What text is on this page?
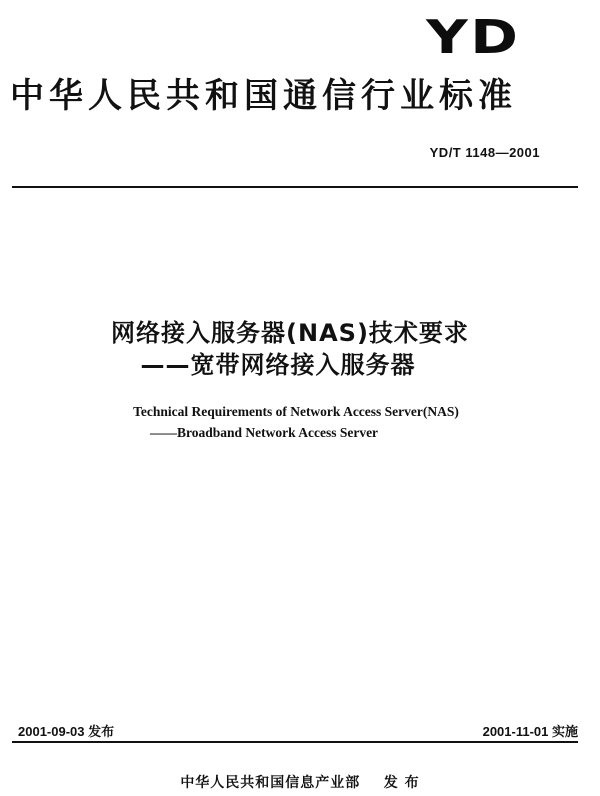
YD
中华人民共和国通信行业标准
YD/T 1148—2001
网络接入服务器(NAS)技术要求
——宽带网络接入服务器
Technical Requirements of Network Access Server(NAS)
——Broadband Network Access Server
2001-09-03 发布	2001-11-01 实施
中华人民共和国信息产业部    发 布
